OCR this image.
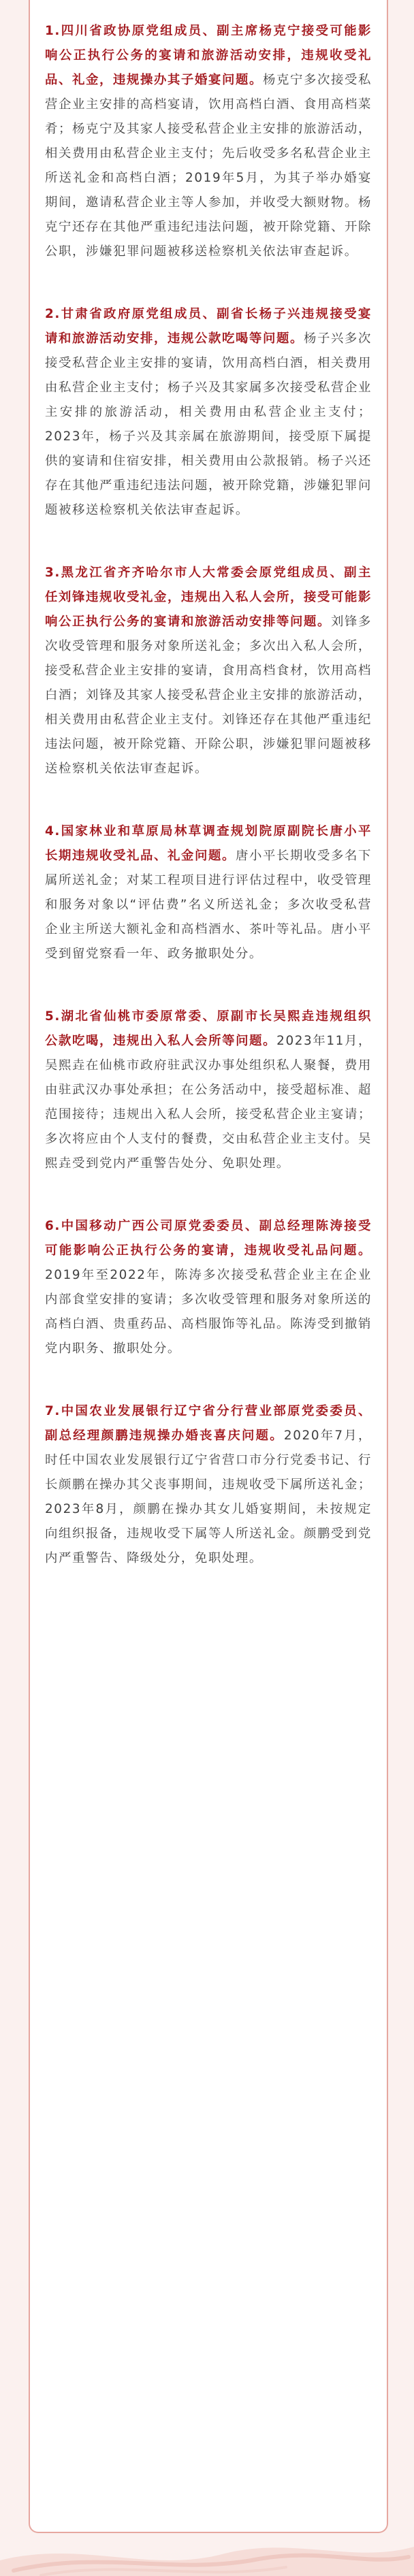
1.四川省政协原党组成员、副主席杨克宁接受可能影响公正执行公务的宴请和旅游活动安排，违规收受礼品、礼金，违规操办其子婚宴问题。杨克宁多次接受私营企业主安排的高档宴请，饮用高档白酒、食用高档菜肴；杨克宁及其家人接受私营企业主安排的旅游活动，相关费用由私营企业主支付；先后收受多名私营企业主所送礼金和高档白酒；2019年5月，为其子举办婚宴期间，邀请私营企业主等人参加，并收受大额财物。杨克宁还存在其他严重违纪违法问题，被开除党籍、开除公职，涉嫌犯罪问题被移送检察机关依法审查起诉。

2.甘肃省政府原党组成员、副省长杨子兴违规接受宴请和旅游活动安排，违规公款吃喝等问题。杨子兴多次接受私营企业主安排的宴请，饮用高档白酒，相关费用由私营企业主支付；杨子兴及其家属多次接受私营企业主安排的旅游活动，相关费用由私营企业主支付；2023年，杨子兴及其亲属在旅游期间，接受原下属提供的宴请和住宿安排，相关费用由公款报销。杨子兴还存在其他严重违纪违法问题，被开除党籍，涉嫌犯罪问题被移送检察机关依法审查起诉。

3.黑龙江省齐齐哈尔市人大常委会原党组成员、副主任刘锋违规收受礼金，违规出入私人会所，接受可能影响公正执行公务的宴请和旅游活动安排等问题。刘锋多次收受管理和服务对象所送礼金；多次出入私人会所，接受私营企业主安排的宴请，食用高档食材，饮用高档白酒；刘锋及其家人接受私营企业主安排的旅游活动，相关费用由私营企业主支付。刘锋还存在其他严重违纪违法问题，被开除党籍、开除公职，涉嫌犯罪问题被移送检察机关依法审查起诉。

4.国家林业和草原局林草调查规划院原副院长唐小平长期违规收受礼品、礼金问题。唐小平长期收受多名下属所送礼金；对某工程项目进行评估过程中，收受管理和服务对象以“评估费”名义所送礼金；多次收受私营企业主所送大额礼金和高档酒水、茶叶等礼品。唐小平受到留党察看一年、政务撤职处分。

5.湖北省仙桃市委原常委、原副市长吴熙垚违规组织公款吃喝，违规出入私人会所等问题。2023年11月，吴熙垚在仙桃市政府驻武汉办事处组织私人聚餐，费用由驻武汉办事处承担；在公务活动中，接受超标准、超范围接待；违规出入私人会所，接受私营企业主宴请；多次将应由个人支付的餐费，交由私营企业主支付。吴熙垚受到党内严重警告处分、免职处理。

6.中国移动广西公司原党委委员、副总经理陈涛接受可能影响公正执行公务的宴请，违规收受礼品问题。2019年至2022年，陈涛多次接受私营企业主在企业内部食堂安排的宴请；多次收受管理和服务对象所送的高档白酒、贵重药品、高档服饰等礼品。陈涛受到撤销党内职务、撤职处分。

7.中国农业发展银行辽宁省分行营业部原党委委员、副总经理颜鹏违规操办婚丧喜庆问题。2020年7月，时任中国农业发展银行辽宁省营口市分行党委书记、行长颜鹏在操办其父丧事期间，违规收受下属所送礼金；2023年8月，颜鹏在操办其女儿婚宴期间，未按规定向组织报备，违规收受下属等人所送礼金。颜鹏受到党内严重警告、降级处分，免职处理。
